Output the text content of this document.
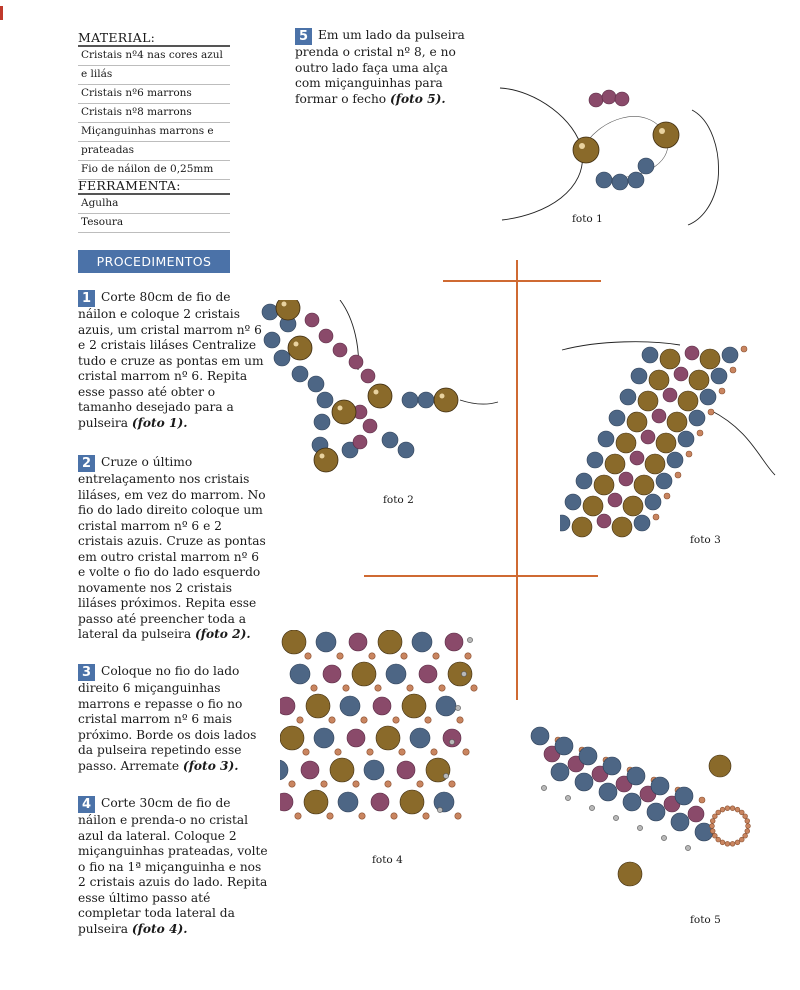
MATERIAL:
Cristais nº4 nas cores azul
e lilás
Cristais nº6 marrons
Cristais nº8 marrons
Miçanguinhas marrons e
prateadas
Fio de náilon de 0,25mm
FERRAMENTA:
Agulha
Tesoura
PROCEDIMENTOS
1 Corte 80cm de fio de náilon e coloque 2 cristais azuis, um cristal marrom nº 6 e 2 cristais liláses Centralize tudo e cruze as pontas em um cristal marrom nº 6. Repita esse passo até obter o tamanho desejado para a pulseira (foto 1).
2 Cruze o último entrelaçamento nos cristais liláses, em vez do marrom. No fio do lado direito coloque um cristal marrom nº 6 e 2 cristais azuis. Cruze as pontas em outro cristal marrom nº 6 e volte o fio do lado esquerdo novamente nos 2 cristais liláses próximos. Repita esse passo até preencher toda a lateral da pulseira (foto 2).
3 Coloque no fio do lado direito 6 miçanguinhas marrons e repasse o fio no cristal marrom nº 6 mais próximo. Borde os dois lados da pulseira repetindo esse passo. Arremate (foto 3).
4 Corte 30cm de fio de náilon e prenda-o no cristal azul da lateral. Coloque 2 miçanguinhas prateadas, volte o fio na 1ª miçanguinha e nos 2 cristais azuis do lado. Repita esse último passo até completar toda lateral da pulseira (foto 4).
5 Em um lado da pulseira prenda o cristal nº 8, e no outro lado faça uma alça com miçanguinhas para formar o fecho (foto 5).
foto 1
foto 2
foto 3
foto 4
foto 5
